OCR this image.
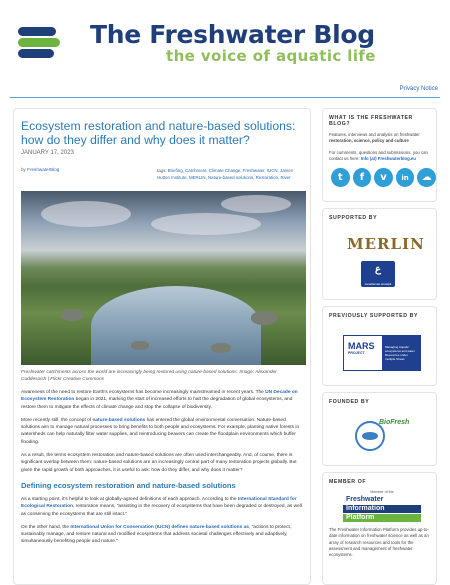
The Freshwater Blog
the voice of aquatic life
Privacy Notice
Ecosystem restoration and nature-based solutions: how do they differ and why does it matter?
JANUARY 17, 2023
by FreshwaterBlog	tags: Briefing, Catchment, Climate Change, Freshwater, IUCN, James Hutton Institute, MERLIN, Nature-based solutions, Restoration, River
Freshwater catchments across the world are increasingly being restored using nature-based solutions. Image: Alexander Cuddesoish | Flickr Creative Commons

Awareness of the need to restore Earth's ecosystems has become increasingly mainstreamed in recent years. The UN Decade on Ecosystem Restoration began in 2021, marking the start of increased efforts to halt the degradation of global ecosystems, and restore them to mitigate the effects of climate change and stop the collapse of biodiversity.

More recently still, the concept of nature-based solutions has entered the global environmental conversation. Nature-based solutions aim to manage natural processes to bring benefits to both people and ecosystems. For example, planting native forests in watersheds can help naturally filter water supplies, and reintroducing beavers can create the floodplain environments which buffer flooding.

As a result, the terms ecosystem restoration and nature-based solutions are often used interchangeably. And, of course, there is significant overlap between them: nature-based solutions are an increasingly central part of many restoration projects globally. But given the rapid growth of both approaches, it is useful to ask: how do they differ, and why does it matter?

Defining ecosystem restoration and nature-based solutions

As a starting point, it's helpful to look at globally-agreed definitions of each approach. According to the International Standard for Ecological Restoration, restoration means, "assisting in the recovery of ecosystems that have been degraded or destroyed, as well as conserving the ecosystems that are still intact."

On the other hand, the International Union for Conservation (IUCN) defines nature-based solutions as, "actions to protect, sustainably manage, and restore natural and modified ecosystems that address societal challenges effectively and adaptively, simultaneously benefiting people and nature."

WHAT IS THE FRESHWATER BLOG?
Features, interviews and analysis on freshwater restoration, science, policy and culture
For comments, questions and submissions, you can contact us here: Info (at) Freshwaterblog.eu
t	f	v	in	☁
SUPPORTED BY
MERLIN
ع
sauatlamalı stratejik
PREVIOUSLY SUPPORTED BY
MARS
PROJECT
Managing Aquatic ecosystems and water Resources under multiple Stress
FOUNDED BY
BioFresh
MEMBER OF
Member of the
Freshwater
Information
Platform
The Freshwater Information Platform provides up-to-date information on freshwater science as well as an array of research resources and tools for the assessment and management of freshwater ecosystems.
